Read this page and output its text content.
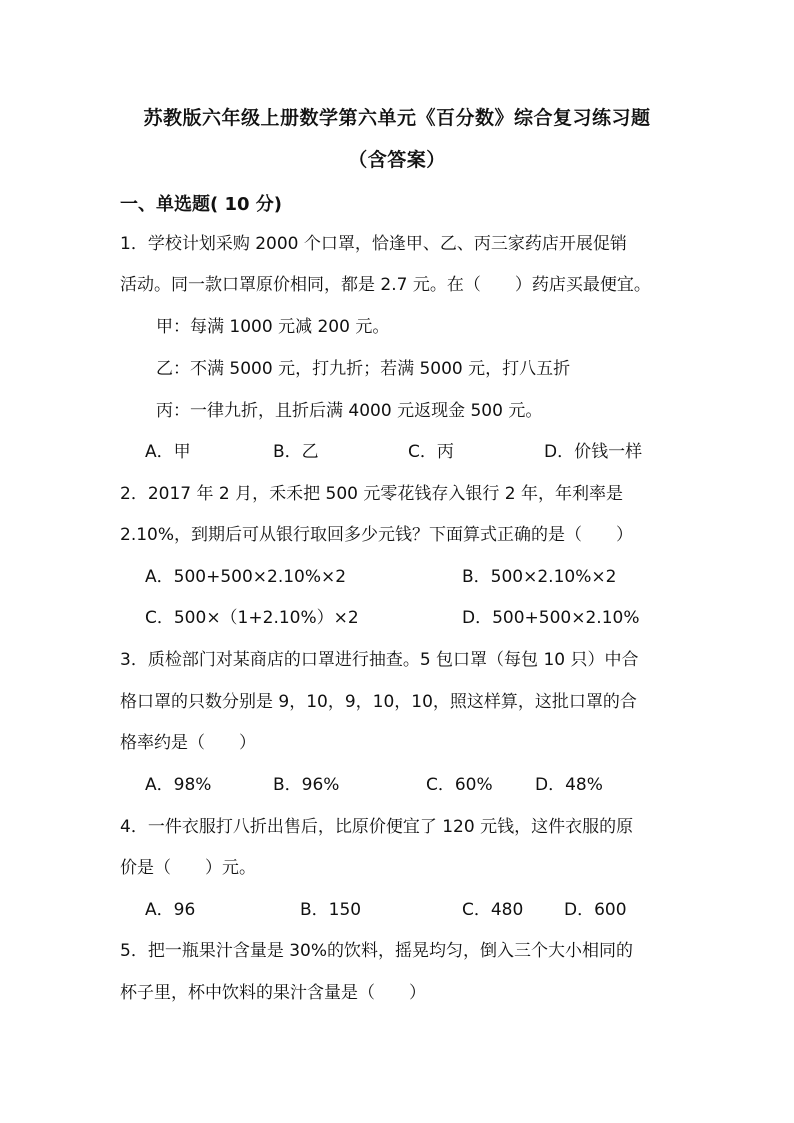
苏教版六年级上册数学第六单元《百分数》综合复习练习题
（含答案）
一、单选题( 10 分)
1．学校计划采购 2000 个口罩，恰逢甲、乙、丙三家药店开展促销
活动。同一款口罩原价相同，都是 2.7 元。在（　　）药店买最便宜。
甲：每满 1000 元减 200 元。
乙：不满 5000 元，打九折；若满 5000 元，打八五折
丙：一律九折，且折后满 4000 元返现金 500 元。
A．甲	B．乙	C．丙	D．价钱一样
2．2017 年 2 月，禾禾把 500 元零花钱存入银行 2 年，年利率是
2.10%，到期后可从银行取回多少元钱？下面算式正确的是（　　）
A．500+500×2.10%×2	B．500×2.10%×2
C．500×（1+2.10%）×2	D．500+500×2.10%
3．质检部门对某商店的口罩进行抽查。5 包口罩（每包 10 只）中合
格口罩的只数分别是 9，10，9，10，10，照这样算，这批口罩的合
格率约是（　　）
A．98%	B．96%	C．60% D．48%
4．一件衣服打八折出售后，比原价便宜了 120 元钱，这件衣服的原
价是（　　）元。
A．96	B．150	C．480 D．600
5．把一瓶果汁含量是 30%的饮料，摇晃均匀，倒入三个大小相同的
杯子里，杯中饮料的果汁含量是（　　）
